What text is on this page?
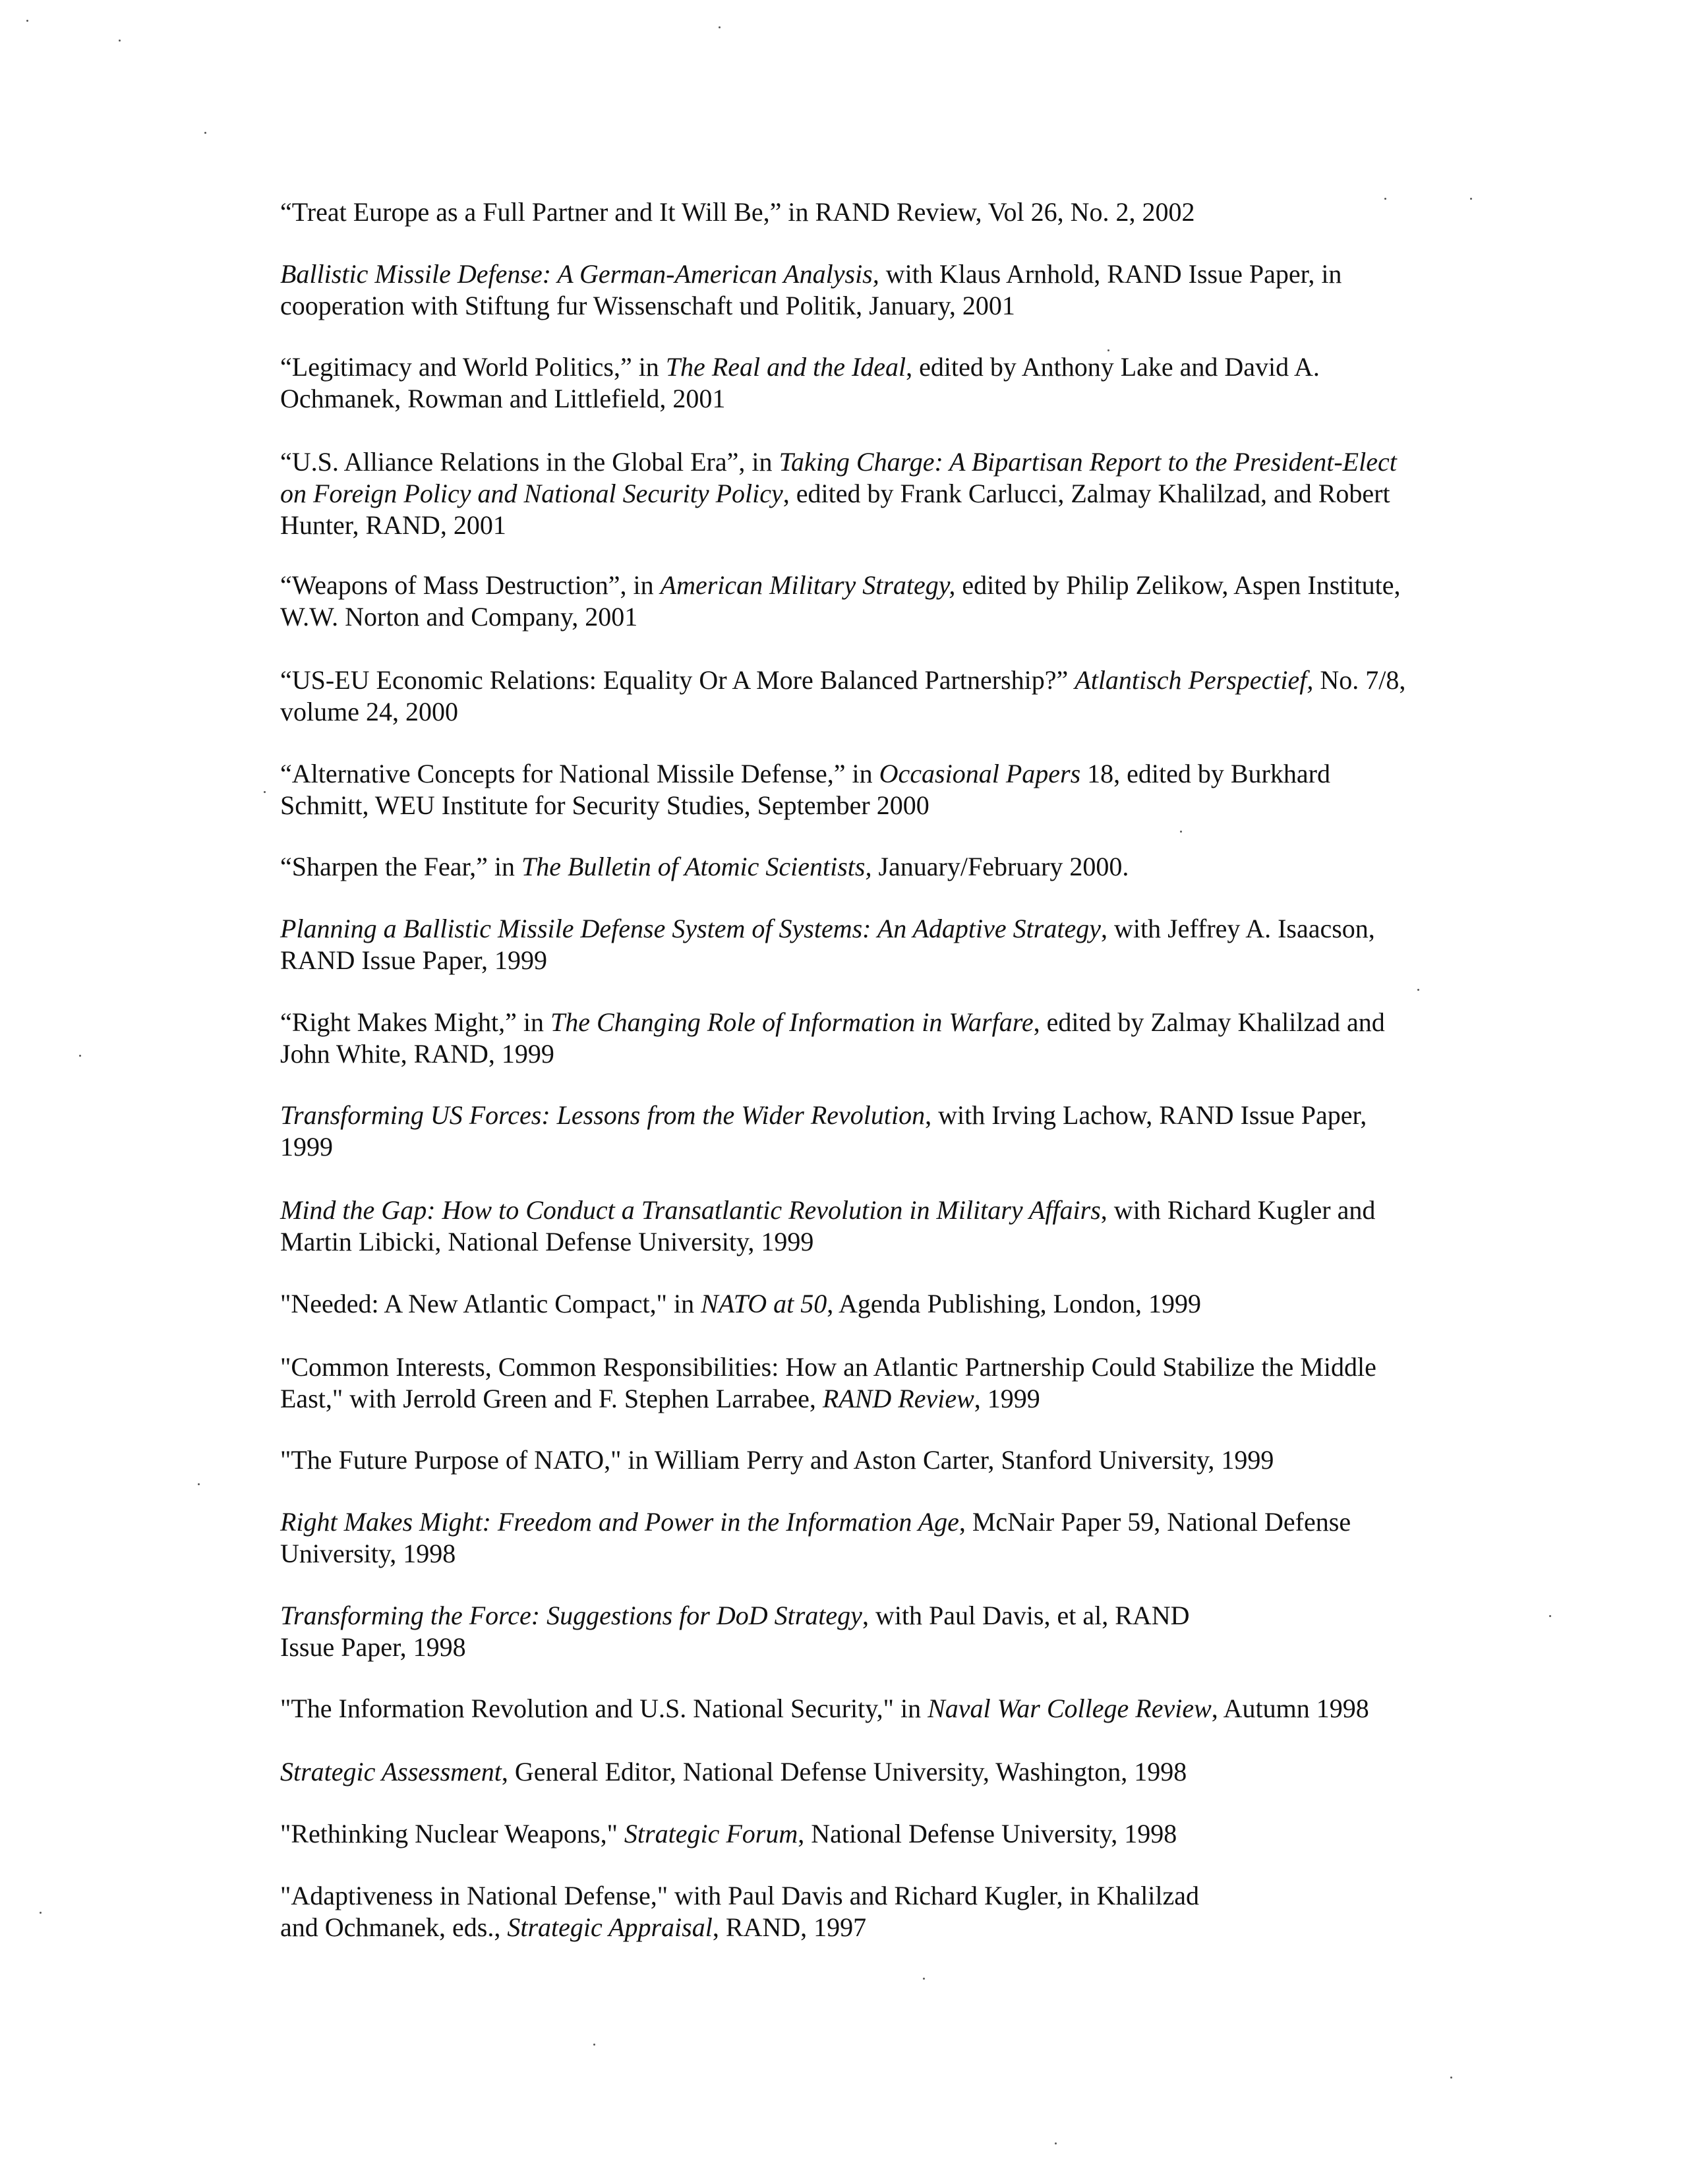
“Treat Europe as a Full Partner and It Will Be,” in RAND Review, Vol 26, No. 2, 2002
Ballistic Missile Defense: A German-American Analysis, with Klaus Arnhold, RAND Issue Paper, in
cooperation with Stiftung fur Wissenschaft und Politik, January, 2001
“Legitimacy and World Politics,” in The Real and the Ideal, edited by Anthony Lake and David A.
Ochmanek, Rowman and Littlefield, 2001
“U.S. Alliance Relations in the Global Era”, in Taking Charge: A Bipartisan Report to the President-Elect
on Foreign Policy and National Security Policy, edited by Frank Carlucci, Zalmay Khalilzad, and Robert
Hunter, RAND, 2001
“Weapons of Mass Destruction”, in American Military Strategy, edited by Philip Zelikow, Aspen Institute,
W.W. Norton and Company, 2001
“US-EU Economic Relations: Equality Or A More Balanced Partnership?” Atlantisch Perspectief, No. 7/8,
volume 24, 2000
“Alternative Concepts for National Missile Defense,” in Occasional Papers 18, edited by Burkhard
Schmitt, WEU Institute for Security Studies, September 2000
“Sharpen the Fear,” in The Bulletin of Atomic Scientists, January/February 2000.
Planning a Ballistic Missile Defense System of Systems: An Adaptive Strategy, with Jeffrey A. Isaacson,
RAND Issue Paper, 1999
“Right Makes Might,” in The Changing Role of Information in Warfare, edited by Zalmay Khalilzad and
John White, RAND, 1999
Transforming US Forces: Lessons from the Wider Revolution, with Irving Lachow, RAND Issue Paper,
1999
Mind the Gap: How to Conduct a Transatlantic Revolution in Military Affairs, with Richard Kugler and
Martin Libicki, National Defense University, 1999
"Needed: A New Atlantic Compact," in NATO at 50, Agenda Publishing, London, 1999
"Common Interests, Common Responsibilities: How an Atlantic Partnership Could Stabilize the Middle
East," with Jerrold Green and F. Stephen Larrabee, RAND Review, 1999
"The Future Purpose of NATO," in William Perry and Aston Carter, Stanford University, 1999
Right Makes Might: Freedom and Power in the Information Age, McNair Paper 59, National Defense
University, 1998
Transforming the Force: Suggestions for DoD Strategy, with Paul Davis, et al, RAND
Issue Paper, 1998
"The Information Revolution and U.S. National Security," in Naval War College Review, Autumn 1998
Strategic Assessment, General Editor, National Defense University, Washington, 1998
"Rethinking Nuclear Weapons," Strategic Forum, National Defense University, 1998
"Adaptiveness in National Defense," with Paul Davis and Richard Kugler, in Khalilzad
and Ochmanek, eds., Strategic Appraisal, RAND, 1997
